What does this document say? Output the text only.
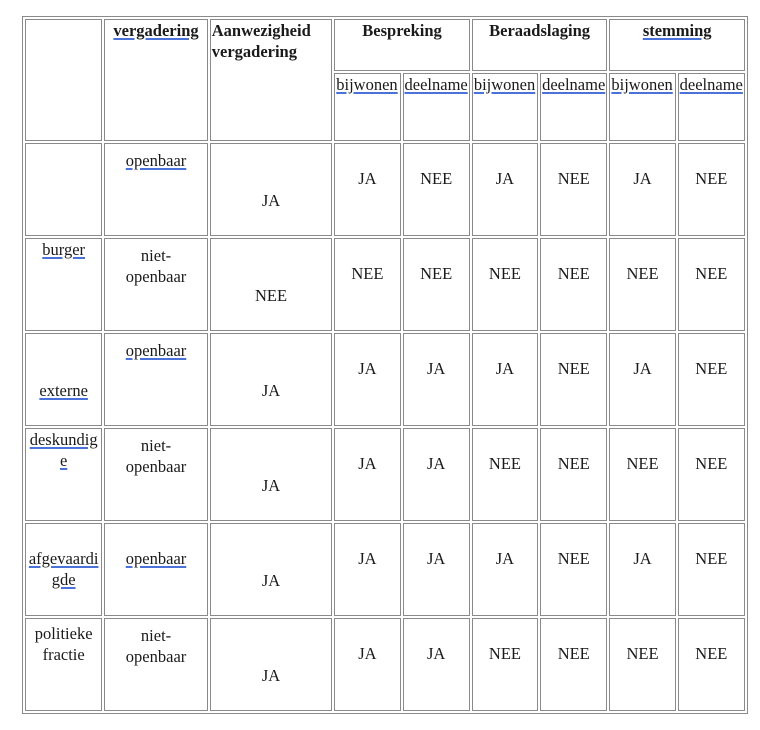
	vergadering	Aanwezigheid vergadering	Bespreking		Beraadslaging		stemming	
			bijwonen	deelname	bijwonen	deelname	bijwonen	deelname

	openbaar	JA	JA	NEE	JA	NEE	JA	NEE

burger	niet-openbaar	NEE	NEE	NEE	NEE	NEE	NEE	NEE

externe	openbaar	JA	JA	JA	JA	NEE	JA	NEE

deskundige	niet-openbaar	JA	JA	JA	NEE	NEE	NEE	NEE

afgevaardigde	openbaar	JA	JA	JA	JA	NEE	JA	NEE

politieke fractie	niet-openbaar	JA	JA	JA	NEE	NEE	NEE	NEE
